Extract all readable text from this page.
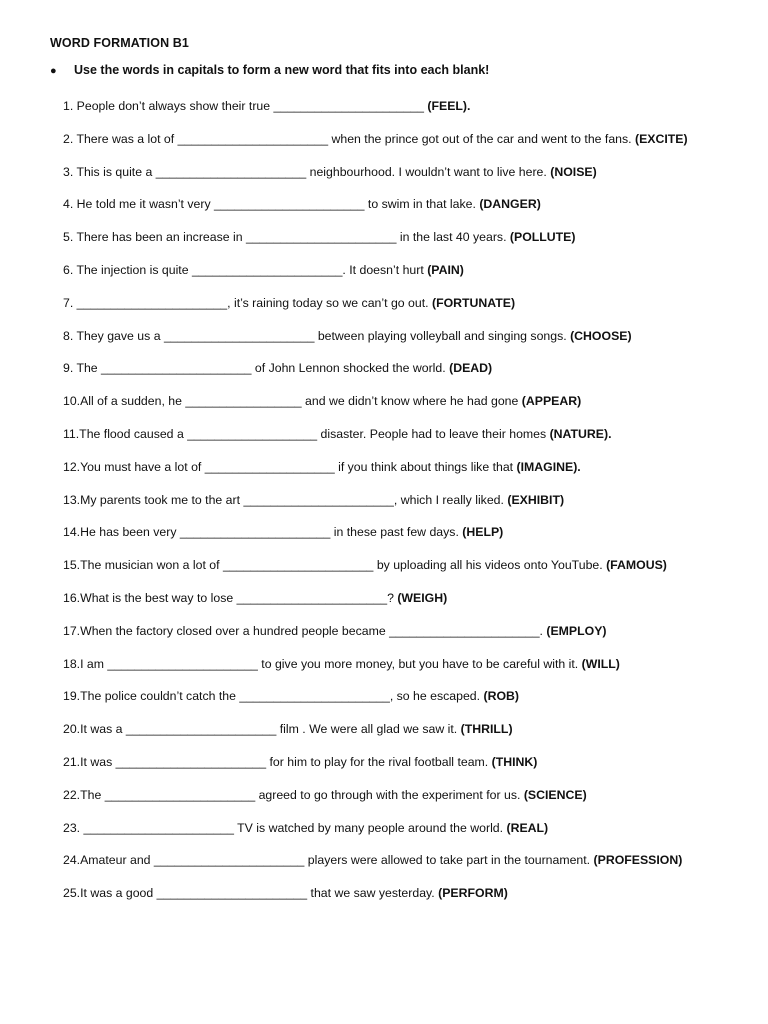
WORD FORMATION B1
●	Use the words in capitals to form a new word that fits into each blank!
1. People don’t always show their true ______________________ (FEEL).
2. There was a lot of ______________________ when the prince got out of the car and went to the fans. (EXCITE)
3. This is quite a ______________________ neighbourhood. I wouldn’t want to live here. (NOISE)
4. He told me it wasn’t very ______________________ to swim in that lake. (DANGER)
5. There has been an increase in ______________________ in the last 40 years. (POLLUTE)
6. The injection is quite ______________________. It doesn’t hurt (PAIN)
7. ______________________, it’s raining today so we can’t go out. (FORTUNATE)
8. They gave us a ______________________ between playing volleyball and singing songs. (CHOOSE)
9. The ______________________ of John Lennon shocked the world. (DEAD)
10.All of a sudden, he _________________ and we didn’t know where he had gone (APPEAR)
11.The flood caused a ___________________ disaster. People had to leave their homes (NATURE).
12.You must have a lot of ___________________ if you think about things like that (IMAGINE).
13.My parents took me to the art ______________________, which I really liked. (EXHIBIT)
14.He has been very ______________________ in these past few days. (HELP)
15.The musician won a lot of ______________________ by uploading all his videos onto YouTube. (FAMOUS)
16.What is the best way to lose ______________________? (WEIGH)
17.When the factory closed over a hundred people became ______________________. (EMPLOY)
18.I am ______________________ to give you more money, but you have to be careful with it. (WILL)
19.The police couldn’t catch the ______________________, so he escaped. (ROB)
20.It was a ______________________ film . We were all glad we saw it. (THRILL)
21.It was ______________________ for him to play for the rival football team. (THINK)
22.The ______________________ agreed to go through with the experiment for us. (SCIENCE)
23. ______________________ TV is watched by many people around the world. (REAL)
24.Amateur and ______________________ players were allowed to take part in the tournament. (PROFESSION)
25.It was a good ______________________ that we saw yesterday. (PERFORM)
